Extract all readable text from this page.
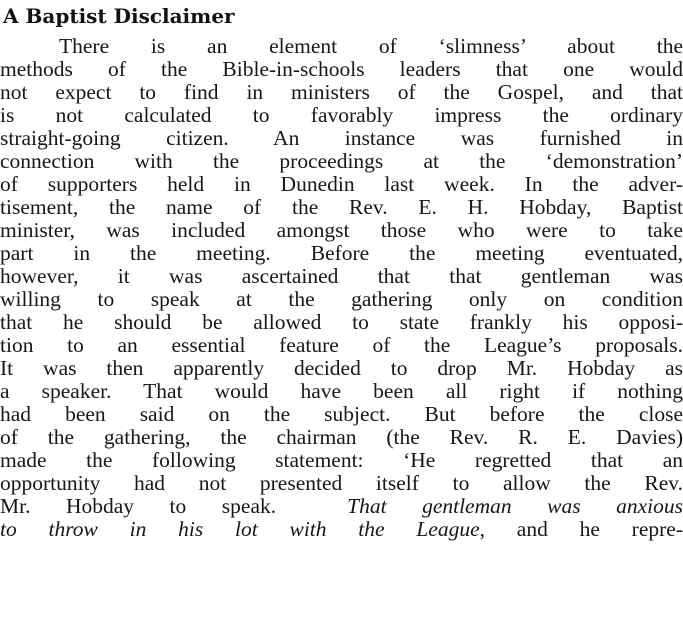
A Baptist Disclaimer
There is an element of ‘slimness’ about the
methods of the Bible-in-schools leaders that one would
not expect to find in ministers of the Gospel, and that
is not calculated to favorably impress the ordinary
straight-going citizen. An instance was furnished in
connection with the proceedings at the ‘demonstration’
of supporters held in Dunedin last week. In the adver-
tisement, the name of the Rev. E. H. Hobday, Baptist
minister, was included amongst those who were to take
part in the meeting. Before the meeting eventuated,
however, it was ascertained that that gentleman was
willing to speak at the gathering only on condition
that he should be allowed to state frankly his opposi-
tion to an essential feature of the League’s proposals.
It was then apparently decided to drop Mr. Hobday as
a speaker. That would have been all right if nothing
had been said on the subject. But before the close
of the gathering, the chairman (the Rev. R. E. Davies)
made the following statement: ‘He regretted that an
opportunity had not presented itself to allow the Rev.
Mr. Hobday to speak.	That gentleman was anxious
to throw in his lot with the League, and he repre-
